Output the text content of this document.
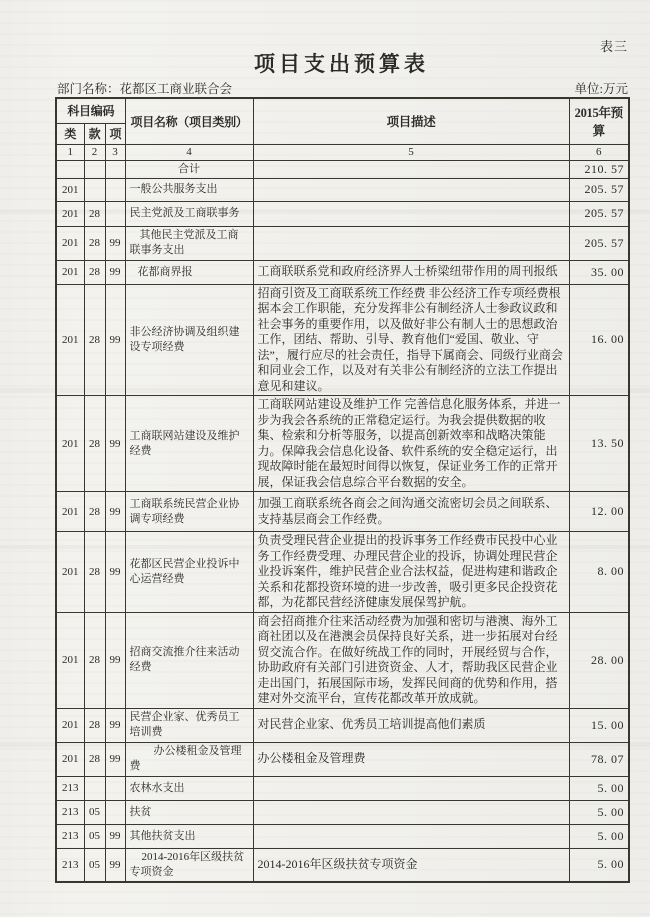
表三
项目支出预算表
部门名称：花都区工商业联合会	单位:万元
科目编码			项目名称（项目类别）	项目描述	2015年预算
类	款	项			
1	2	3	4	5	6
			合计		210. 57
201			一般公共服务支出		205. 57
201	28		民主党派及工商联事务		205. 57
201	28	99	其他民主党派及工商联事务支出		205. 57
201	28	99	花都商界报	工商联联系党和政府经济界人士桥梁纽带作用的周刊报纸	35. 00
201	28	99	非公经济协调及组织建设专项经费	招商引资及工商联系统工作经费 非公经济工作专项经费根据本会工作职能，充分发挥非公有制经济人士参政议政和社会事务的重要作用，以及做好非公有制人士的思想政治工作，团结、帮助、引导、教育他们“爱国、敬业、守法”，履行应尽的社会责任，指导下属商会、同级行业商会和同业会工作，以及对有关非公有制经济的立法工作提出意见和建议。	16. 00
201	28	99	工商联网站建设及维护经费	工商联网站建设及维护工作 完善信息化服务体系，并进一步为我会各系统的正常稳定运行。为我会提供数据的收集、检索和分析等服务，以提高创新效率和战略决策能力。保障我会信息化设备、软件系统的安全稳定运行，出现故障时能在最短时间得以恢复，保证业务工作的正常开展，保证我会信息综合平台数据的安全。	13. 50
201	28	99	工商联系统民营企业协调专项经费	加强工商联系统各商会之间沟通交流密切会员之间联系、支持基层商会工作经费。	12. 00
201	28	99	花都区民营企业投诉中心运营经费	负责受理民营企业提出的投诉事务工作经费市民投中心业务工作经费受理、办理民营企业的投诉，协调处理民营企业投诉案件，维护民营企业合法权益，促进构建和谐政企关系和花都投资环境的进一步改善，吸引更多民企投资花都，为花都民营经济健康发展保驾护航。	8. 00
201	28	99	招商交流推介往来活动经费	商会招商推介往来活动经费为加强和密切与港澳、海外工商社团以及在港澳会员保持良好关系，进一步拓展对台经贸交流合作。在做好统战工作的同时，开展经贸与合作，协助政府有关部门引进资资金、人才，帮助我区民营企业走出国门，拓展国际市场，发挥民间商的优势和作用，搭建对外交流平台，宣传花都改革开放成就。	28. 00
201	28	99	民营企业家、优秀员工培训费	对民营企业家、优秀员工培训提高他们素质	15. 00
201	28	99	办公楼租金及管理费	办公楼租金及管理费	78. 07
213			农林水支出		5. 00
213	05		扶贫		5. 00
213	05	99	其他扶贫支出		5. 00
213	05	99	2014-2016年区级扶贫专项资金	2014-2016年区级扶贫专项资金	5. 00
